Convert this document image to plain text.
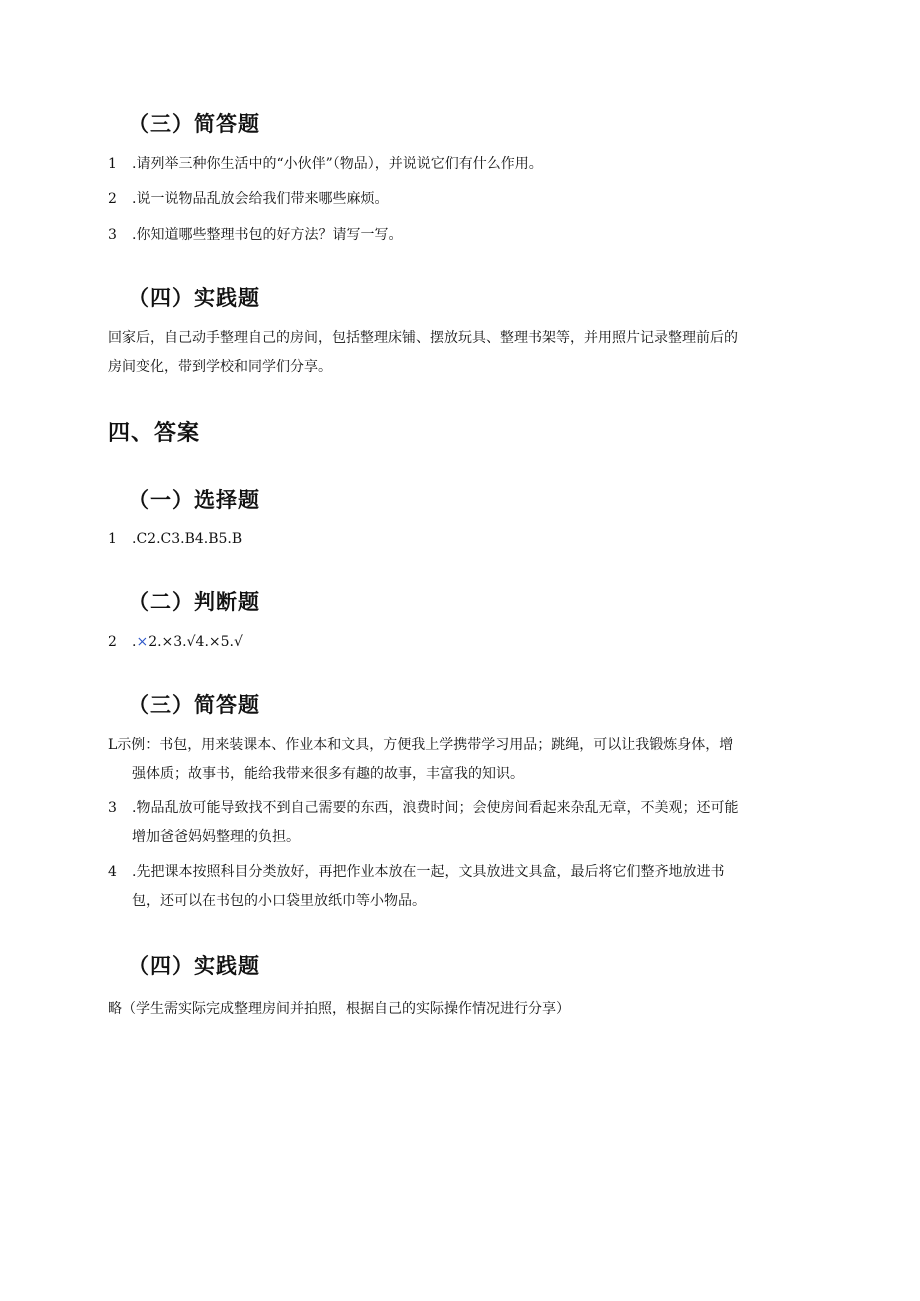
（三）简答题
1 .请列举三种你生活中的“小伙伴”（物品），并说说它们有什么作用。
2 .说一说物品乱放会给我们带来哪些麻烦。
3 .你知道哪些整理书包的好方法？请写一写。
（四）实践题
回家后，自己动手整理自己的房间，包括整理床铺、摆放玩具、整理书架等，并用照片记录整理前后的
房间变化，带到学校和同学们分享。
四、答案
（一）选择题
1 .C2.C3.B4.B5.B
（二）判断题
2 .×2.×3.√4.×5.√
（三）简答题
L示例：书包，用来装课本、作业本和文具，方便我上学携带学习用品；跳绳，可以让我锻炼身体，增
强体质；故事书，能给我带来很多有趣的故事，丰富我的知识。
3 .物品乱放可能导致找不到自己需要的东西，浪费时间；会使房间看起来杂乱无章，不美观；还可能
增加爸爸妈妈整理的负担。
4 .先把课本按照科目分类放好，再把作业本放在一起，文具放进文具盒，最后将它们整齐地放进书
包，还可以在书包的小口袋里放纸巾等小物品。
（四）实践题
略（学生需实际完成整理房间并拍照，根据自己的实际操作情况进行分享）
